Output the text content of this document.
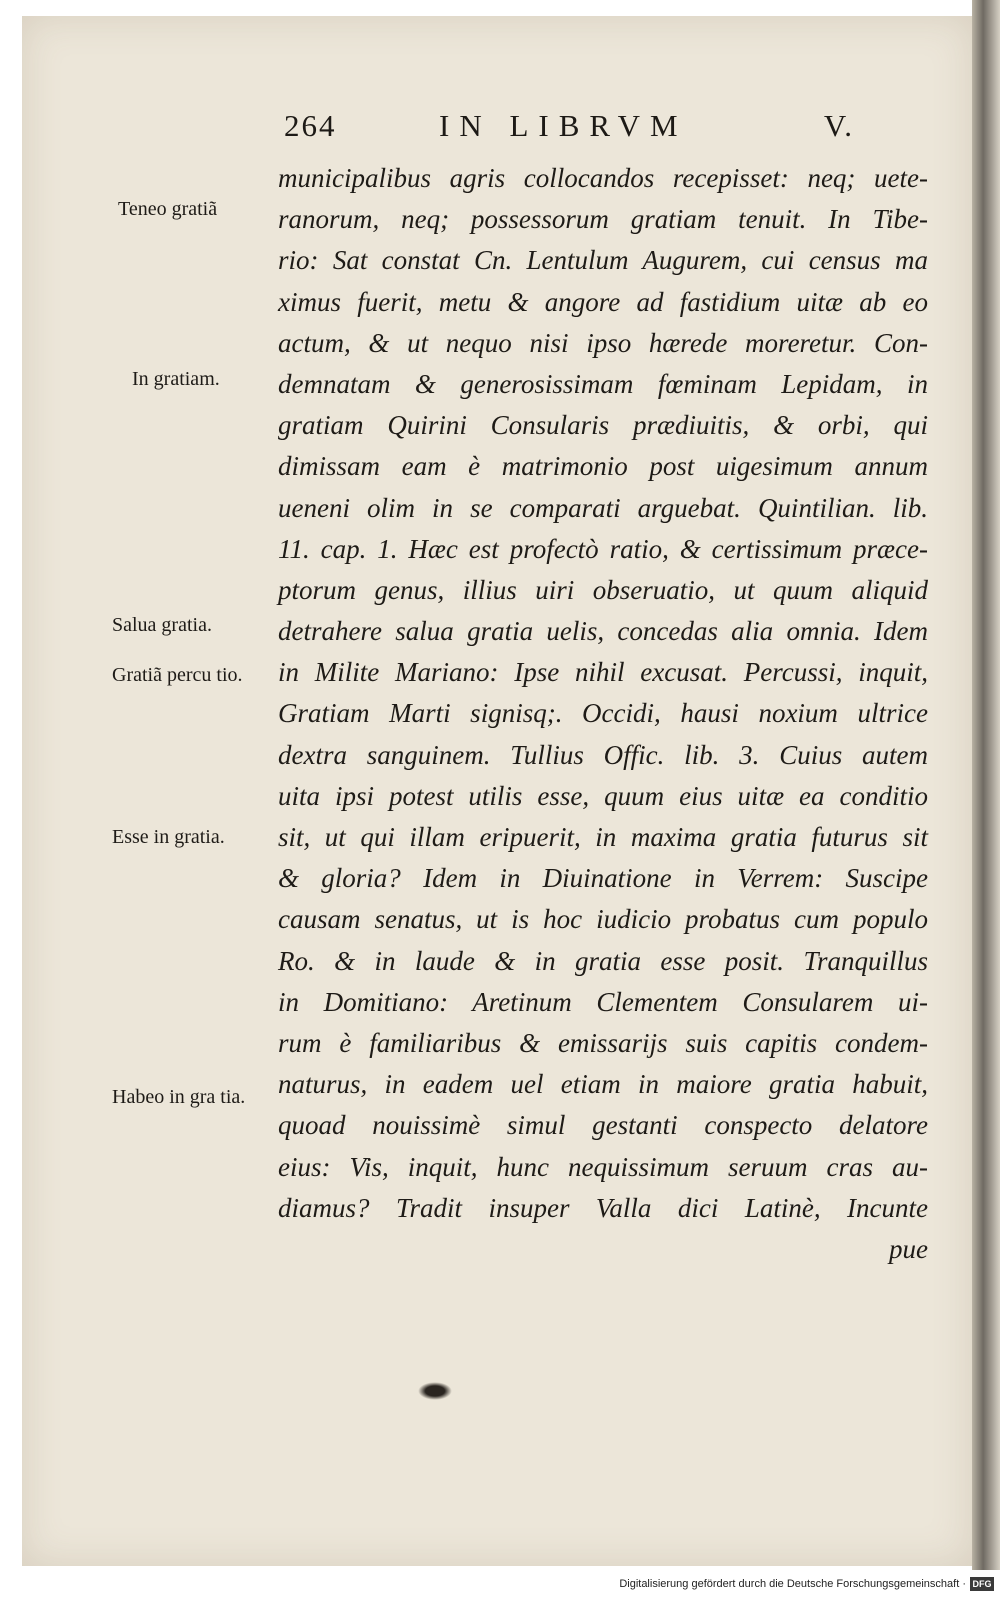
264	IN LIBRVM	V.
municipalibus agris collocandos recepisset: neq; uete-
ranorum, neq; possessorum gratiam tenuit. In Tibe-
rio: Sat constat Cn. Lentulum Augurem, cui census ma
ximus fuerit, metu & angore ad fastidium uitæ ab eo
actum, & ut nequo nisi ipso hærede moreretur. Con-
demnatam & generosissimam fœminam Lepidam, in
gratiam Quirini Consularis prædiuitis, & orbi, qui
dimissam eam è matrimonio post uigesimum annum
ueneni olim in se comparati arguebat. Quintilian. lib.
11. cap. 1. Hæc est profectò ratio, & certissimum præce-
ptorum genus, illius uiri obseruatio, ut quum aliquid
detrahere salua gratia uelis, concedas alia omnia. Idem
in Milite Mariano: Ipse nihil excusat. Percussi, inquit,
Gratiam Marti signisq;. Occidi, hausi noxium ultrice
dextra sanguinem. Tullius Offic. lib. 3. Cuius autem
uita ipsi potest utilis esse, quum eius uitæ ea conditio
sit, ut qui illam eripuerit, in maxima gratia futurus sit
& gloria? Idem in Diuinatione in Verrem: Suscipe
causam senatus, ut is hoc iudicio probatus cum populo
Ro. & in laude & in gratia esse posit. Tranquillus
in Domitiano: Aretinum Clementem Consularem ui-
rum è familiaribus & emissarijs suis capitis condem-
naturus, in eadem uel etiam in maiore gratia habuit,
quoad nouissimè simul gestanti conspecto delatore
eius: Vis, inquit, hunc nequissimum seruum cras au-
diamus? Tradit insuper Valla dici Latinè, Incunte
pue
Teneo gratiã
In gratiam.
Salua gratia.
Gratiã percu tio.
Esse in gratia.
Habeo in gra tia.
Digitalisierung gefördert durch die Deutsche Forschungsgemeinschaft · DFG
